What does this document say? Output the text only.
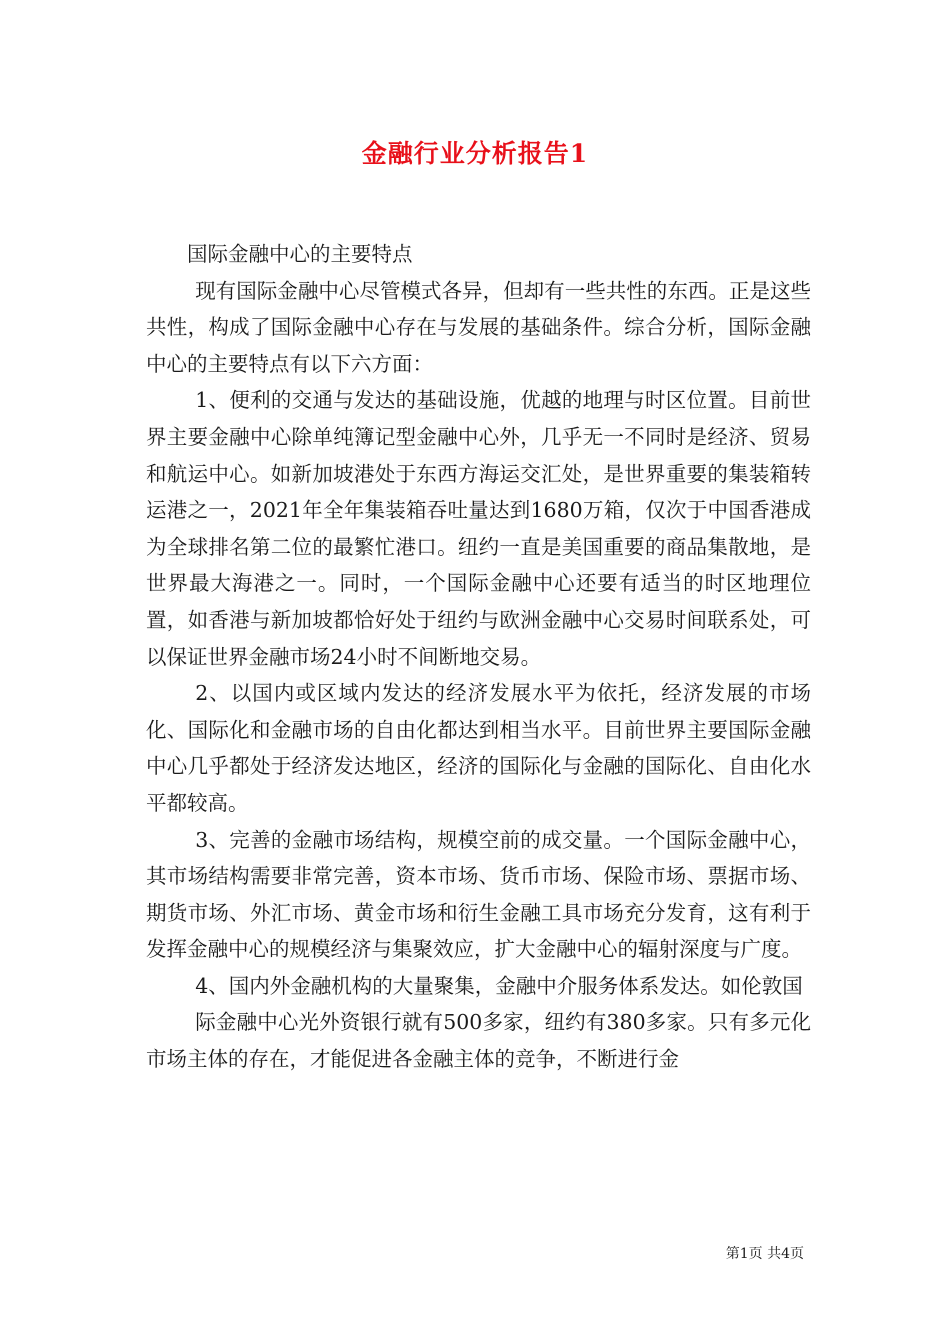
金融行业分析报告1

国际金融中心的主要特点

现有国际金融中心尽管模式各异，但却有一些共性的东西。正是这些共性，构成了国际金融中心存在与发展的基础条件。综合分析，国际金融中心的主要特点有以下六方面：

1、便利的交通与发达的基础设施，优越的地理与时区位置。目前世界主要金融中心除单纯簿记型金融中心外，几乎无一不同时是经济、贸易和航运中心。如新加坡港处于东西方海运交汇处，是世界重要的集装箱转运港之一，2021年全年集装箱吞吐量达到1680万箱，仅次于中国香港成为全球排名第二位的最繁忙港口。纽约一直是美国重要的商品集散地，是世界最大海港之一。同时，一个国际金融中心还要有适当的时区地理位置，如香港与新加坡都恰好处于纽约与欧洲金融中心交易时间联系处，可以保证世界金融市场24小时不间断地交易。

2、以国内或区域内发达的经济发展水平为依托，经济发展的市场化、国际化和金融市场的自由化都达到相当水平。目前世界主要国际金融中心几乎都处于经济发达地区，经济的国际化与金融的国际化、自由化水平都较高。

3、完善的金融市场结构，规模空前的成交量。一个国际金融中心，其市场结构需要非常完善，资本市场、货币市场、保险市场、票据市场、期货市场、外汇市场、黄金市场和衍生金融工具市场充分发育，这有利于发挥金融中心的规模经济与集聚效应，扩大金融中心的辐射深度与广度。

4、国内外金融机构的大量聚集，金融中介服务体系发达。如伦敦国

际金融中心光外资银行就有500多家，纽约有380多家。只有多元化市场主体的存在，才能促进各金融主体的竞争，不断进行金

第1页 共4页
